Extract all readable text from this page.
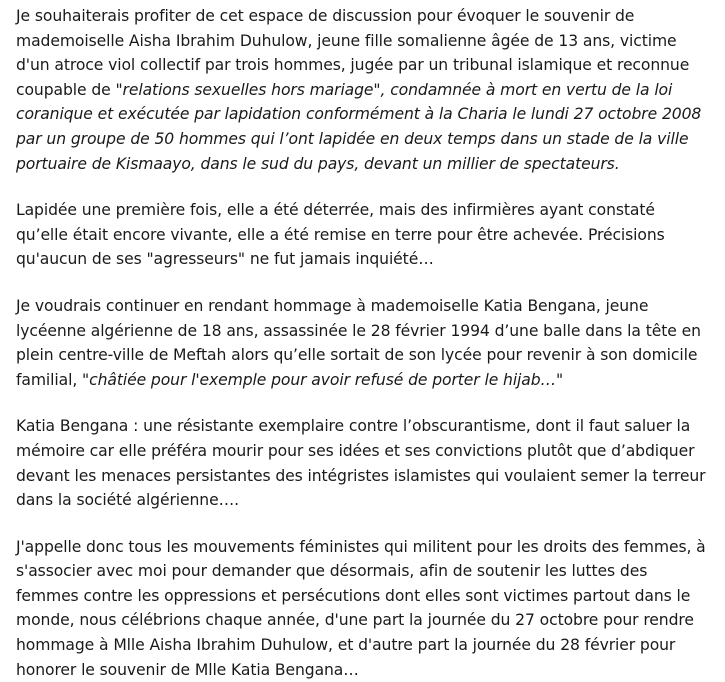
Je souhaiterais profiter de cet espace de discussion pour évoquer le souvenir de mademoiselle Aisha Ibrahim Duhulow, jeune fille somalienne âgée de 13 ans, victime d'un atroce viol collectif par trois hommes, jugée par un tribunal islamique et reconnue coupable de "relations sexuelles hors mariage", condamnée à mort en vertu de la loi coranique et exécutée par lapidation conformément à la Charia le lundi 27 octobre 2008 par un groupe de 50 hommes qui l’ont lapidée en deux temps dans un stade de la ville portuaire de Kismaayo, dans le sud du pays, devant un millier de spectateurs.

Lapidée une première fois, elle a été déterrée, mais des infirmières ayant constaté qu’elle était encore vivante, elle a été remise en terre pour être achevée. Précisions qu'aucun de ses "agresseurs" ne fut jamais inquiété…

Je voudrais continuer en rendant hommage à mademoiselle Katia Bengana, jeune lycéenne algérienne de 18 ans, assassinée le 28 février 1994 d’une balle dans la tête en plein centre-ville de Meftah alors qu’elle sortait de son lycée pour revenir à son domicile familial, "châtiée pour l'exemple pour avoir refusé de porter le hijab…"

Katia Bengana : une résistante exemplaire contre l’obscurantisme, dont il faut saluer la mémoire car elle préféra mourir pour ses idées et ses convictions plutôt que d’abdiquer devant les menaces persistantes des intégristes islamistes qui voulaient semer la terreur dans la société algérienne….

J'appelle donc tous les mouvements féministes qui militent pour les droits des femmes, à s'associer avec moi pour demander que désormais, afin de soutenir les luttes des femmes contre les oppressions et persécutions dont elles sont victimes partout dans le monde, nous célébrions chaque année, d'une part la journée du 27 octobre pour rendre hommage à Mlle Aisha Ibrahim Duhulow, et d'autre part la journée du 28 février pour honorer le souvenir de Mlle Katia Bengana…
